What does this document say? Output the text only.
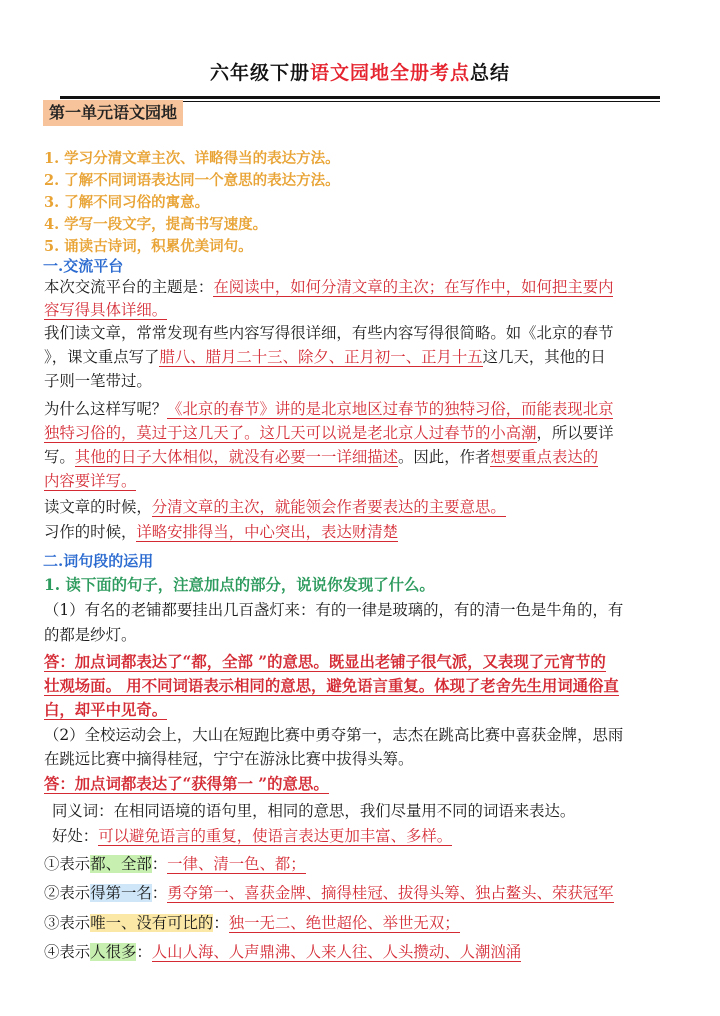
六年级下册语文园地全册考点总结
第一单元语文园地
1. 学习分清文章主次、详略得当的表达方法。
2. 了解不同词语表达同一个意思的表达方法。
3. 了解不同习俗的寓意。
4. 学写一段文字，提高书写速度。
5. 诵读古诗词，积累优美词句。
一.交流平台
本次交流平台的主题是：在阅读中，如何分清文章的主次；在写作中，如何把主要内
容写得具体详细。
我们读文章，常常发现有些内容写得很详细，有些内容写得很简略。如《北京的春节
》，课文重点写了腊八、腊月二十三、除夕、正月初一、正月十五这几天，其他的日
子则一笔带过。
为什么这样写呢？《北京的春节》讲的是北京地区过春节的独特习俗，而能表现北京
独特习俗的，莫过于这几天了。这几天可以说是老北京人过春节的小高潮，所以要详
写。其他的日子大体相似，就没有必要一一详细描述。因此，作者想要重点表达的
内容要详写。
读文章的时候，分清文章的主次，就能领会作者要表达的主要意思。
习作的时候，详略安排得当，中心突出，表达财清楚
二.词句段的运用
1. 读下面的句子，注意加点的部分，说说你发现了什么。
（1）有名的老铺都要挂出几百盏灯来：有的一律是玻璃的，有的清一色是牛角的，有
的都是纱灯。
答：加点词都表达了“都，全部 ”的意思。既显出老铺子很气派，又表现了元宵节的
壮观场面。 用不同词语表示相同的意思，避免语言重复。体现了老舍先生用词通俗直
白，却平中见奇。
（2）全校运动会上，大山在短跑比赛中勇夺第一，志杰在跳高比赛中喜获金牌，思雨
在跳远比赛中摘得桂冠，宁宁在游泳比赛中拔得头筹。
答：加点词都表达了“获得第一 ”的意思。
同义词：在相同语境的语句里，相同的意思，我们尽量用不同的词语来表达。
好处：可以避免语言的重复，使语言表达更加丰富、多样。
①表示都、全部：一律、清一色、都；
②表示得第一名：勇夺第一、喜获金牌、摘得桂冠、拔得头筹、独占鳌头、荣获冠军
③表示唯一、没有可比的：独一无二、绝世超伦、举世无双；
④表示人很多：人山人海、人声鼎沸、人来人往、人头攒动、人潮汹涌
